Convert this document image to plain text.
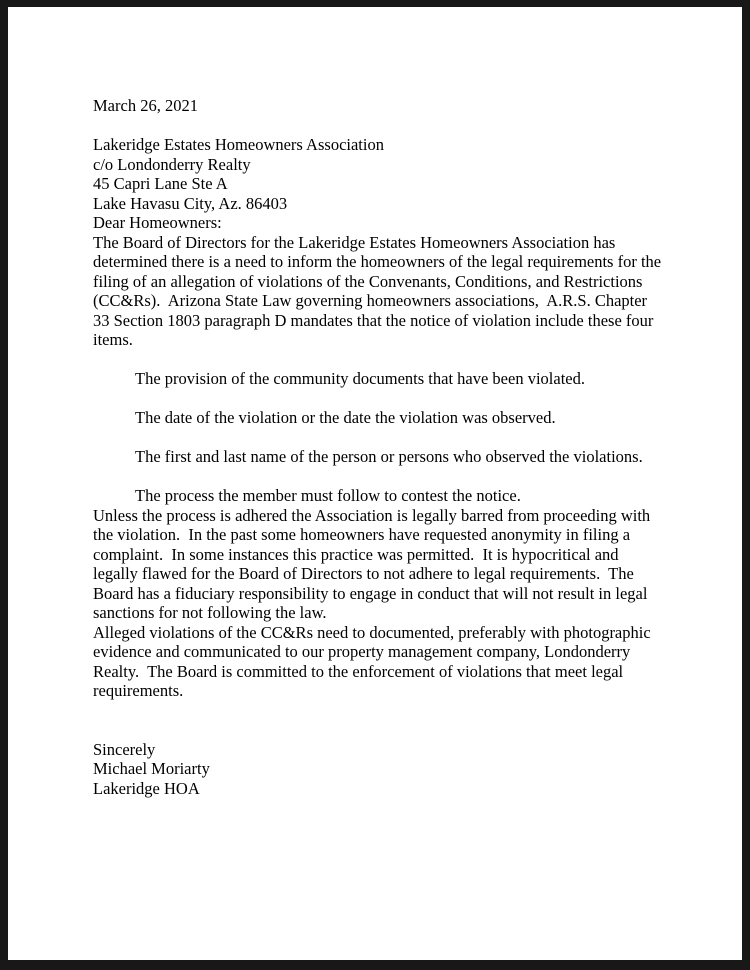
March 26, 2021

Lakeridge Estates Homeowners Association

c/o Londonderry Realty

45 Capri Lane Ste A

Lake Havasu City, Az. 86403

Dear Homeowners:

The Board of Directors for the Lakeridge Estates Homeowners Association has determined there is a need to inform the homeowners of the legal requirements for the filing of an allegation of violations of the Convenants, Conditions, and Restrictions (CC&Rs).  Arizona State Law governing homeowners associations,  A.R.S. Chapter 33 Section 1803 paragraph D mandates that the notice of violation include these four items.

The provision of the community documents that have been violated.

The date of the violation or the date the violation was observed.

The first and last name of the person or persons who observed the violations.

The process the member must follow to contest the notice.

Unless the process is adhered the Association is legally barred from proceeding with the violation.  In the past some homeowners have requested anonymity in filing a complaint.  In some instances this practice was permitted.  It is hypocritical and legally flawed for the Board of Directors to not adhere to legal requirements.  The Board has a fiduciary responsibility to engage in conduct that will not result in legal sanctions for not following the law.

Alleged violations of the CC&Rs need to documented, preferably with photographic evidence and communicated to our property management company, Londonderry Realty.  The Board is committed to the enforcement of violations that meet legal requirements.

Sincerely

Michael Moriarty

Lakeridge HOA
